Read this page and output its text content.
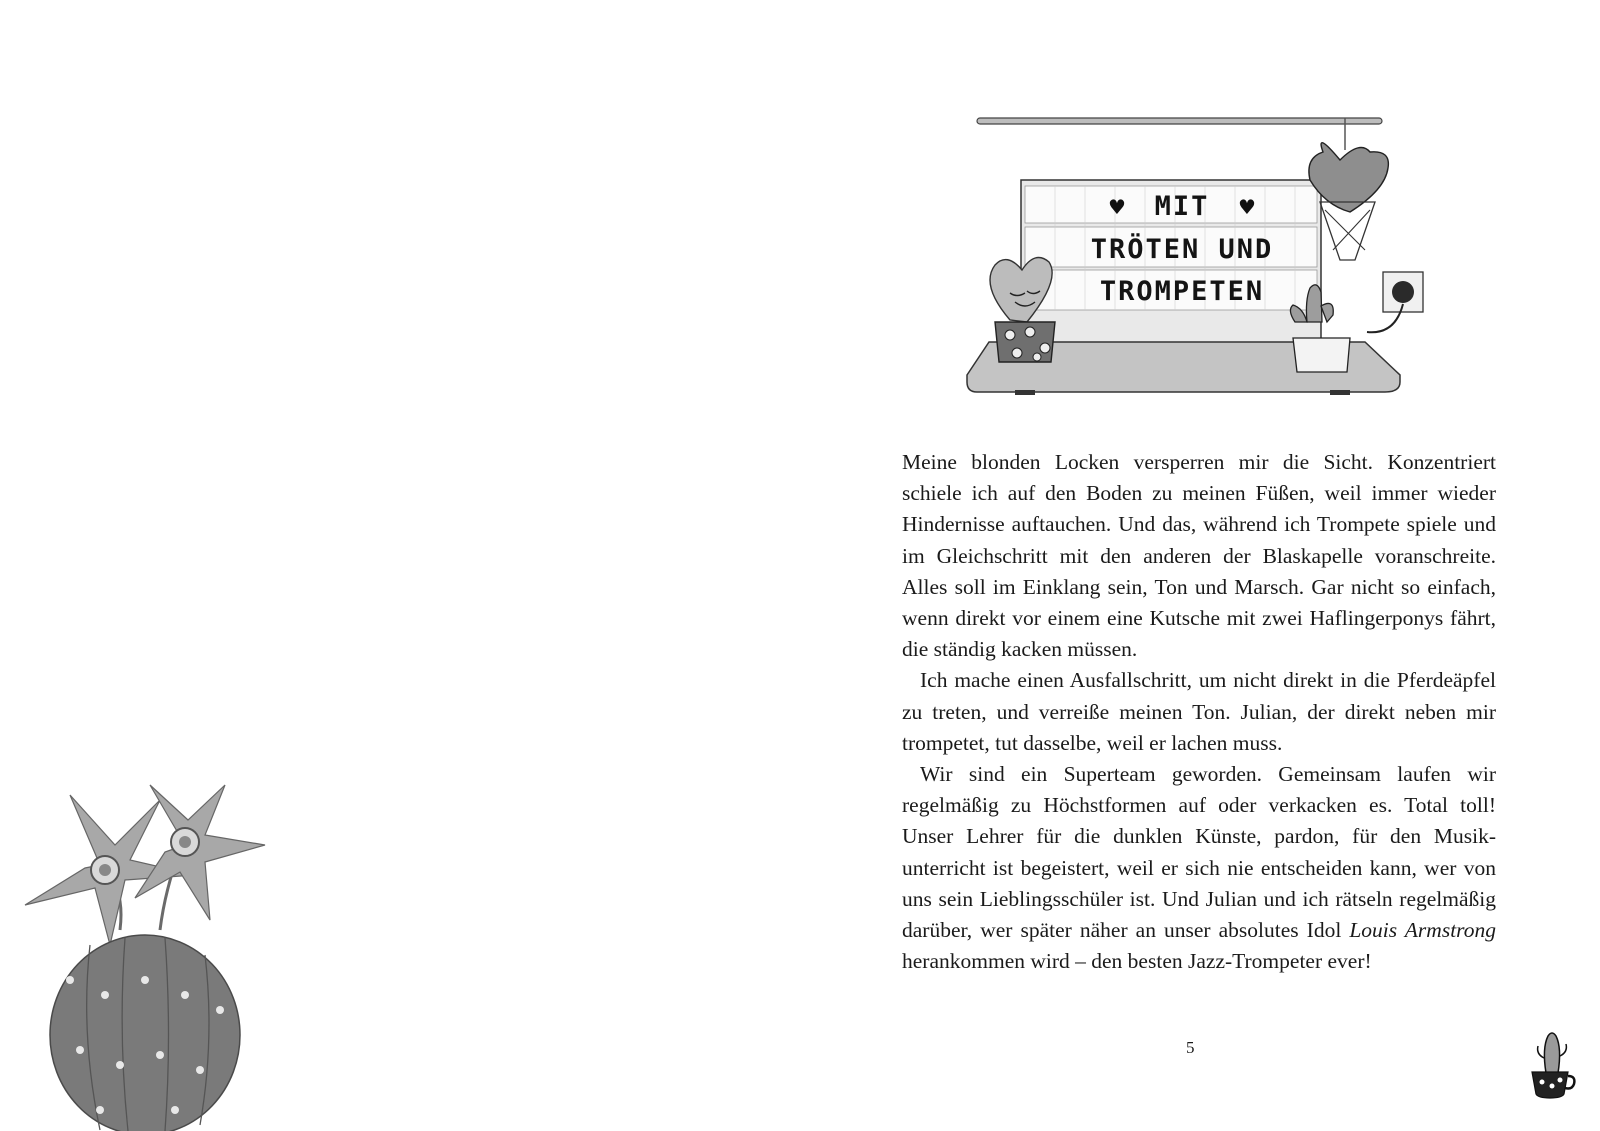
♥ MIT ♥
TRÖTEN UND
TROMPETEN

Meine blonden Locken versperren mir die Sicht. Konzentriert schiele ich auf den Boden zu meinen Füßen, weil immer wieder Hindernisse auftauchen. Und das, während ich Trompete spiele und im Gleichschritt mit den anderen der Blaskapelle voranschreite. Alles soll im Einklang sein, Ton und Marsch. Gar nicht so einfach, wenn direkt vor einem eine Kutsche mit zwei Haflingerponys fährt, die ständig kacken müssen.

Ich mache einen Ausfallschritt, um nicht direkt in die Pferdeäpfel zu treten, und verreiße meinen Ton. Julian, der direkt neben mir trompetet, tut dasselbe, weil er lachen muss.

Wir sind ein Superteam geworden. Gemeinsam laufen wir regelmäßig zu Höchstformen auf oder verkacken es. Total toll! Unser Lehrer für die dunklen Künste, pardon, für den Musikunterricht ist begeistert, weil er sich nie entscheiden kann, wer von uns sein Lieblingsschüler ist. Und Julian und ich rätseln regelmäßig darüber, wer später näher an unser absolutes Idol Louis Armstrong herankommen wird – den besten Jazz-Trompeter ever!

5
